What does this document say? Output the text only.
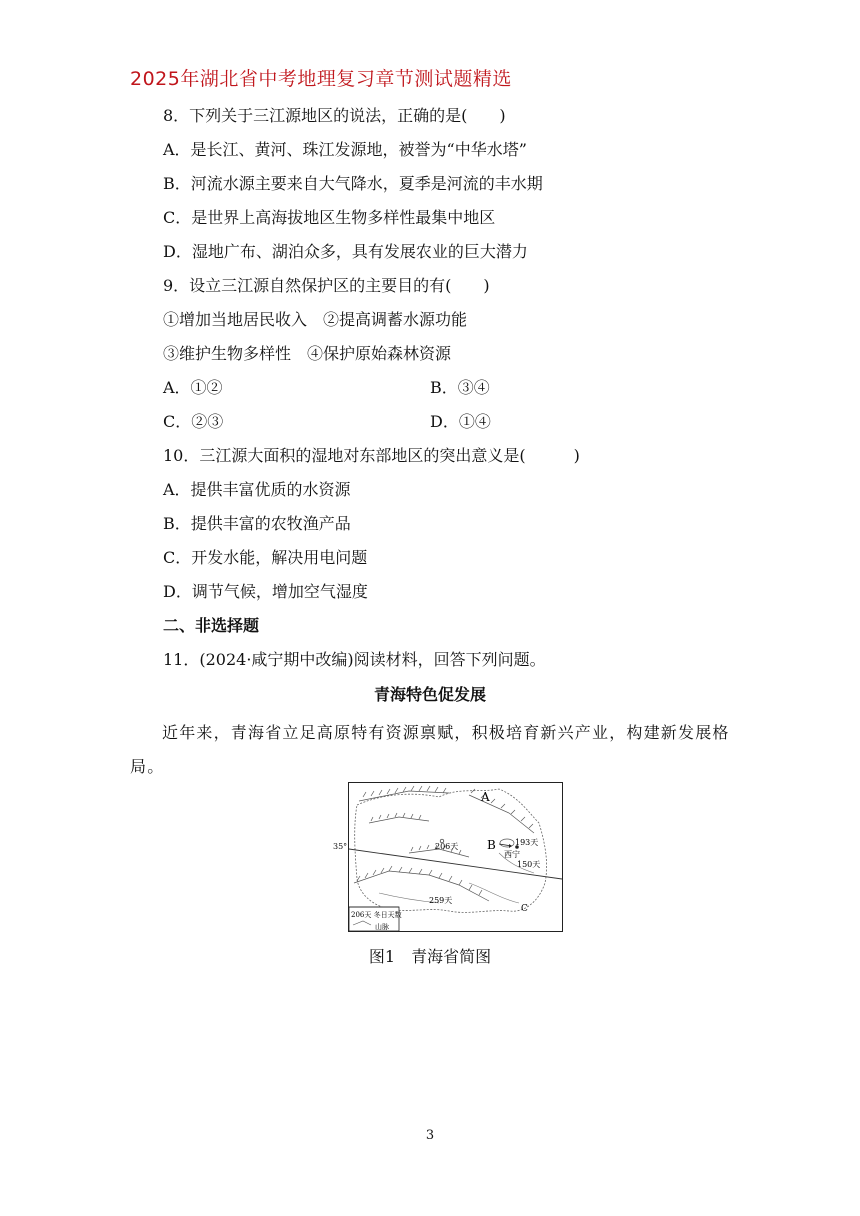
2025年湖北省中考地理复习章节测试题精选
8．下列关于三江源地区的说法，正确的是(　　)
A．是长江、黄河、珠江发源地，被誉为“中华水塔”
B．河流水源主要来自大气降水，夏季是河流的丰水期
C．是世界上高海拔地区生物多样性最集中地区
D．湿地广布、湖泊众多，具有发展农业的巨大潜力
9．设立三江源自然保护区的主要目的有(　　)
①增加当地居民收入　②提高调蓄水源功能
③维护生物多样性　④保护原始森林资源
A．①②	B．③④
C．②③	D．①④
10．三江源大面积的湿地对东部地区的突出意义是(　　　)
A．提供丰富优质的水资源
B．提供丰富的农牧渔产品
C．开发水能，解决用电问题
D．调节气候，增加空气湿度
二、非选择题
11．(2024·咸宁期中改编)阅读材料，回答下列问题。
青海特色促发展
近年来，青海省立足高原特有资源禀赋，积极培育新兴产业，构建新发展格局。
A
B
西宁
193天
150天
206天
259天
C
206天 冬日天数
山脉
35°
图1　青海省简图
3
